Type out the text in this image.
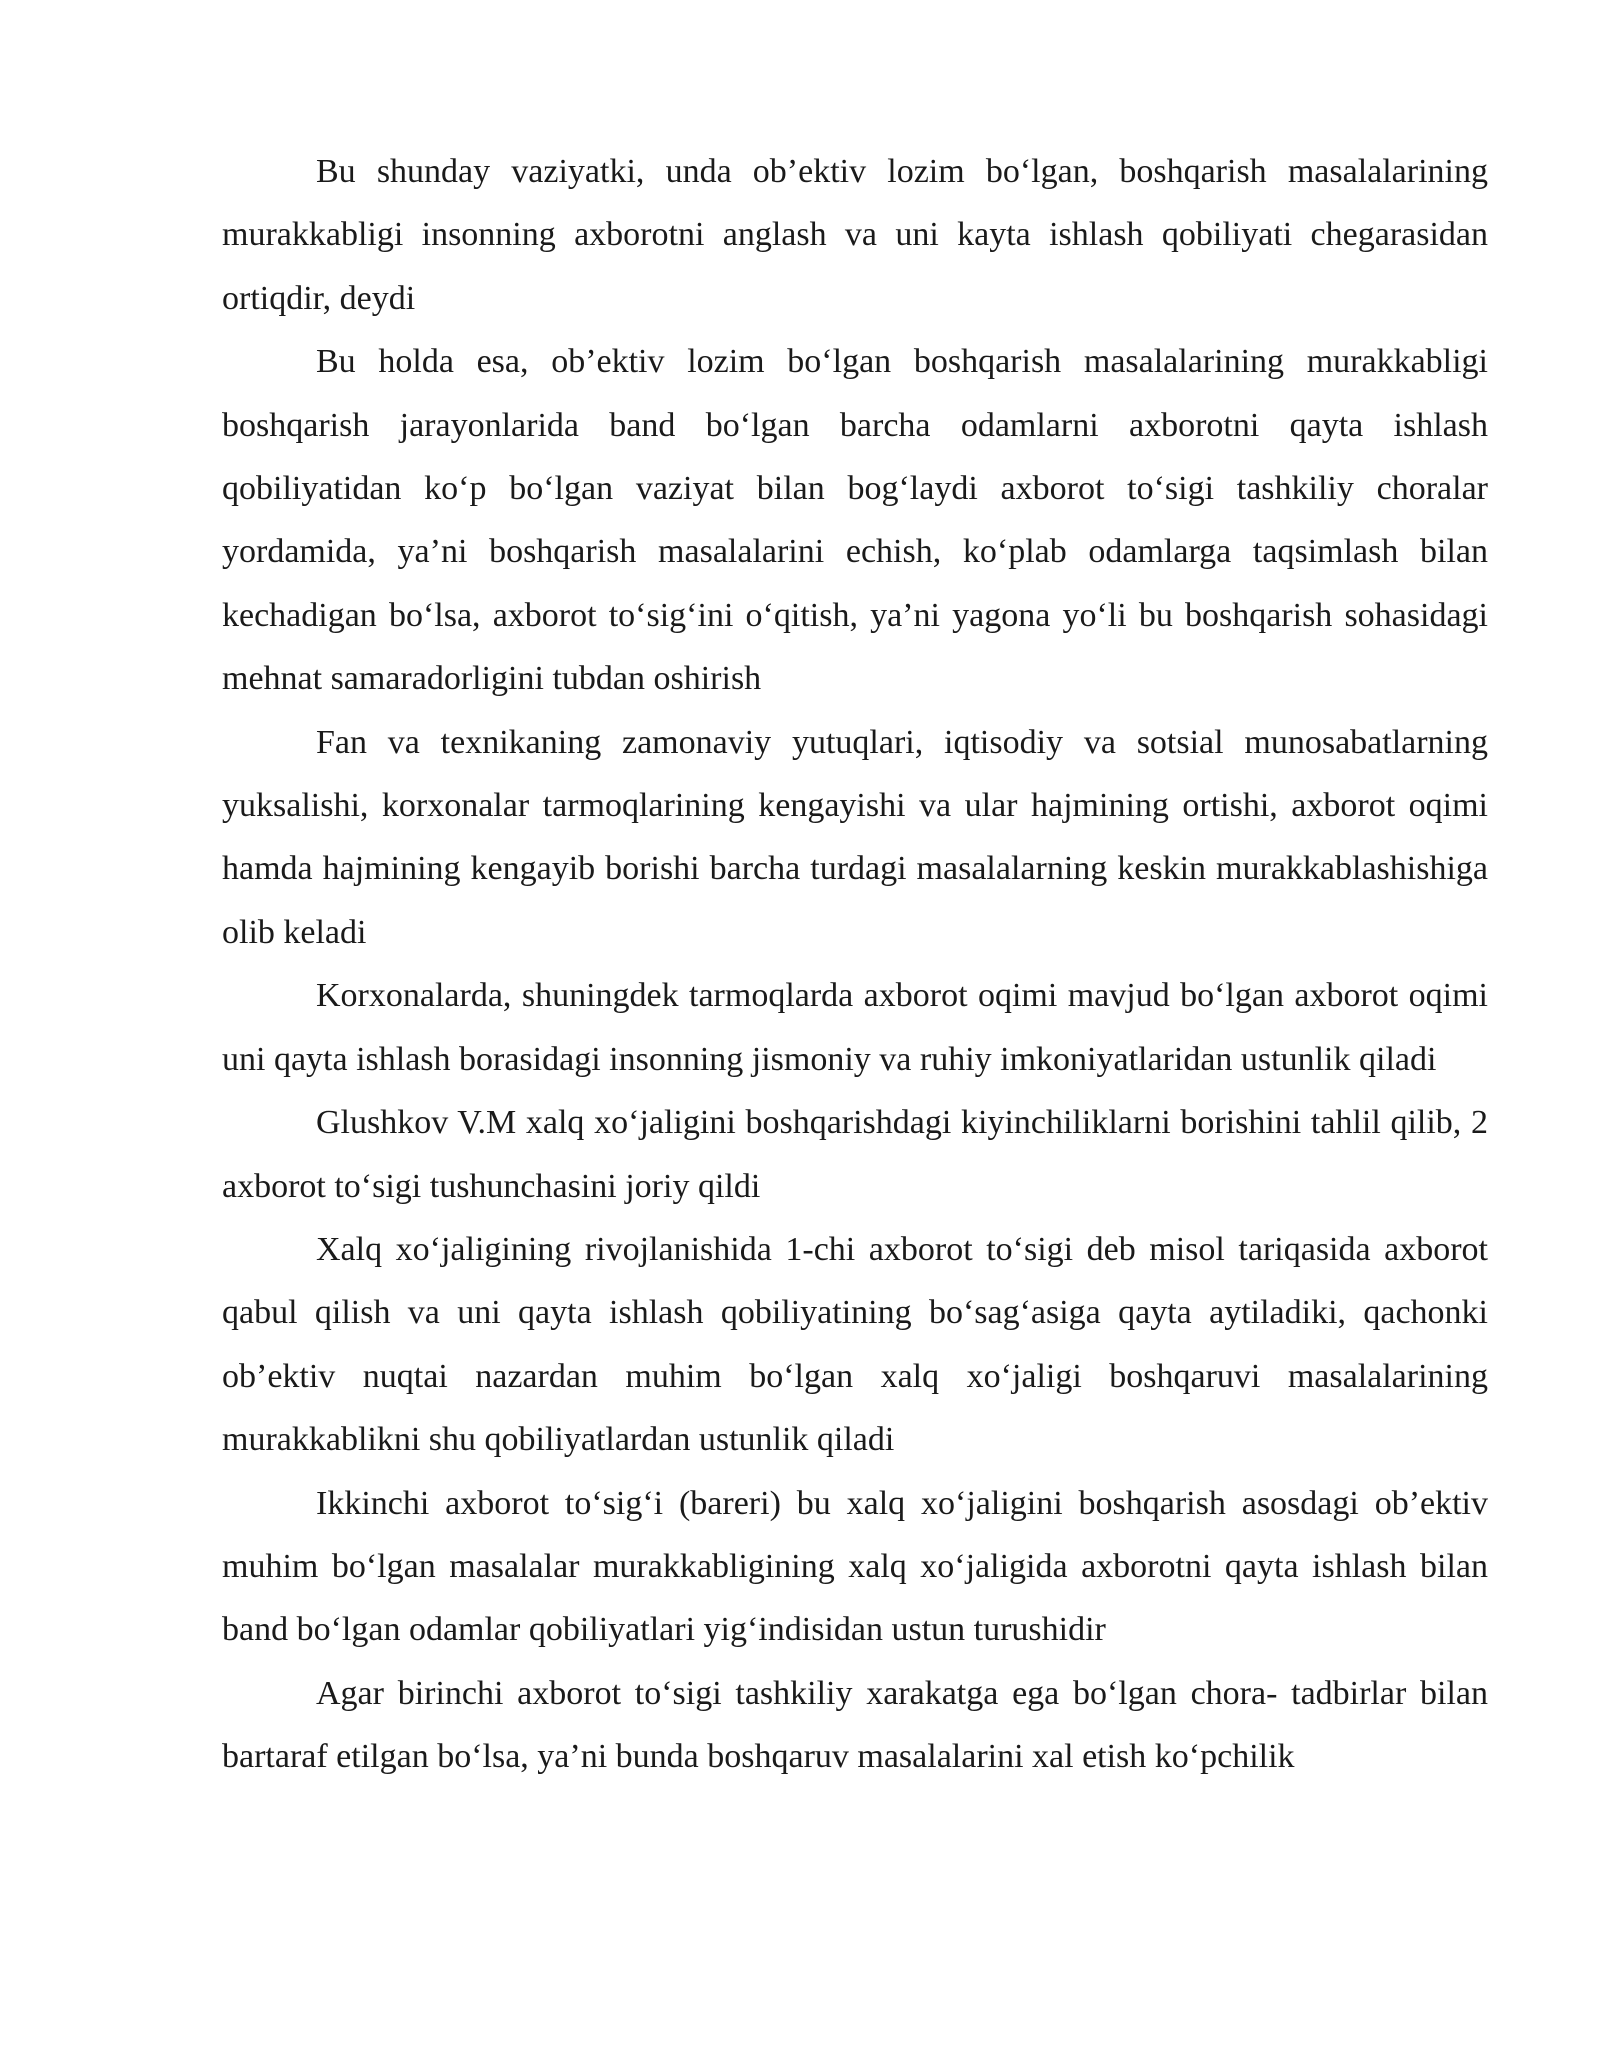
Bu shunday vaziyatki, unda ob’ektiv lozim bo‘lgan, boshqarish masalalarining murakkabligi insonning axborotni anglash va uni kayta ishlash qobiliyati chegarasidan ortiqdir, deydi

Bu holda esa, ob’ektiv lozim bo‘lgan boshqarish masalalarining murakkabligi boshqarish jarayonlarida band bo‘lgan barcha odamlarni axborotni qayta ishlash qobiliyatidan ko‘p bo‘lgan vaziyat bilan bog‘laydi axborot to‘sigi tashkiliy choralar yordamida, ya’ni boshqarish masalalarini echish, ko‘plab odamlarga taqsimlash bilan kechadigan bo‘lsa, axborot to‘sig‘ini o‘qitish, ya’ni yagona yo‘li bu boshqarish sohasidagi mehnat samaradorligini tubdan oshirish

Fan va texnikaning zamonaviy yutuqlari, iqtisodiy va sotsial munosabatlarning yuksalishi, korxonalar tarmoqlarining kengayishi va ular hajmining ortishi, axborot oqimi hamda hajmining kengayib borishi barcha turdagi masalalarning keskin murakkablashishiga olib keladi

Korxonalarda, shuningdek tarmoqlarda axborot oqimi mavjud bo‘lgan axborot oqimi uni qayta ishlash borasidagi insonning jismoniy va ruhiy imkoniyatlaridan ustunlik qiladi

Glushkov V.M xalq xo‘jaligini boshqarishdagi kiyinchiliklarni borishini tahlil qilib, 2 axborot to‘sigi tushunchasini joriy qildi

Xalq xo‘jaligining rivojlanishida 1-chi axborot to‘sigi deb misol tariqasida axborot qabul qilish va uni qayta ishlash qobiliyatining bo‘sag‘asiga qayta aytiladiki, qachonki ob’ektiv nuqtai nazardan muhim bo‘lgan xalq xo‘jaligi boshqaruvi masalalarining murakkablikni shu qobiliyatlardan ustunlik qiladi

Ikkinchi axborot to‘sig‘i (bareri) bu xalq xo‘jaligini boshqarish asosdagi ob’ektiv muhim bo‘lgan masalalar murakkabligining xalq xo‘jaligida axborotni qayta ishlash bilan band bo‘lgan odamlar qobiliyatlari yig‘indisidan ustun turushidir

Agar birinchi axborot to‘sigi tashkiliy xarakatga ega bo‘lgan chora- tadbirlar bilan bartaraf etilgan bo‘lsa, ya’ni bunda boshqaruv masalalarini xal etish ko‘pchilik
